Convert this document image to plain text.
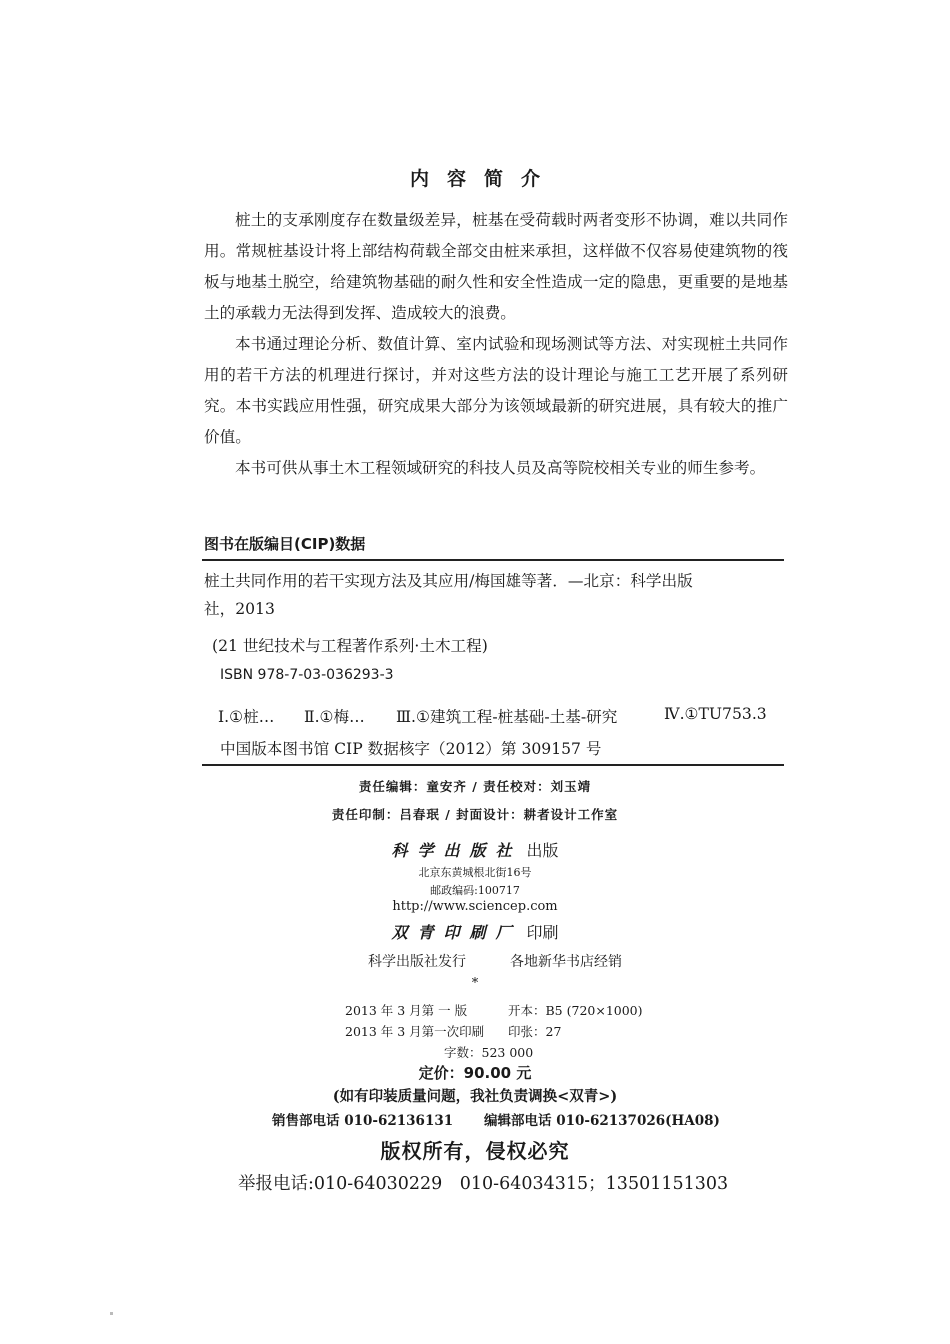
内容简介
桩土的支承刚度存在数量级差异，桩基在受荷载时两者变形不协调，难以共同作用。常规桩基设计将上部结构荷载全部交由桩来承担，这样做不仅容易使建筑物的筏板与地基土脱空，给建筑物基础的耐久性和安全性造成一定的隐患，更重要的是地基土的承载力无法得到发挥、造成较大的浪费。
本书通过理论分析、数值计算、室内试验和现场测试等方法、对实现桩土共同作用的若干方法的机理进行探讨，并对这些方法的设计理论与施工工艺开展了系列研究。本书实践应用性强，研究成果大部分为该领域最新的研究进展，具有较大的推广价值。
本书可供从事土木工程领域研究的科技人员及高等院校相关专业的师生参考。
图书在版编目(CIP)数据
桩土共同作用的若干实现方法及其应用/梅国雄等著．—北京：科学出版
社，2013
(21 世纪技术与工程著作系列·土木工程)
ISBN 978-7-03-036293-3
Ⅰ.①桩… Ⅱ.①梅… Ⅲ.①建筑工程-桩基础-土基-研究	Ⅳ.①TU753.3
中国版本图书馆 CIP 数据核字（2012）第 309157 号
责任编辑：童安齐 / 责任校对：刘玉靖
责任印制：吕春珉 / 封面设计：耕者设计工作室
科学出版社 出版
北京东黄城根北街16号
邮政编码:100717
http://www.sciencep.com
双青印刷厂 印刷
科学出版社发行	各地新华书店经销
*
2013 年 3 月第 一 版	开本：B5 (720×1000)
2013 年 3 月第一次印刷 印张：27
字数：523 000
定价：90.00 元
(如有印装质量问题，我社负责调换<双青>)
销售部电话 010-62136131 编辑部电话 010-62137026(HA08)
版权所有，侵权必究
举报电话:010-64030229　010-64034315；13501151303
